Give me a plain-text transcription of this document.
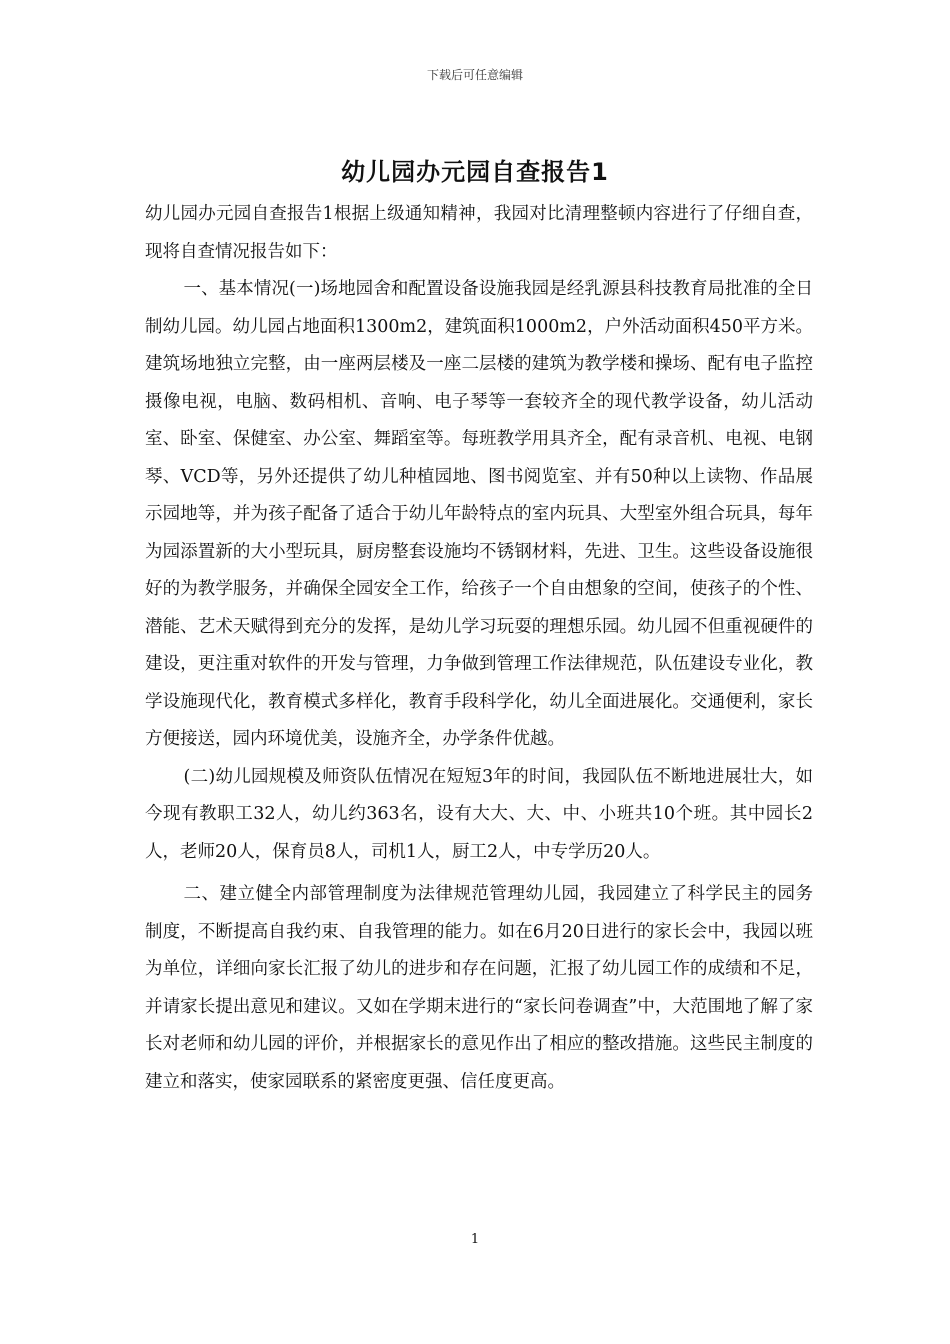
下载后可任意编辑
幼儿园办元园自查报告1

幼儿园办元园自查报告1根据上级通知精神，我园对比清理整顿内容进行了仔细自查，现将自查情况报告如下：

一、基本情况(一)场地园舍和配置设备设施我园是经乳源县科技教育局批准的全日制幼儿园。幼儿园占地面积1300m2，建筑面积1000m2，户外活动面积450平方米。建筑场地独立完整，由一座两层楼及一座二层楼的建筑为教学楼和操场、配有电子监控摄像电视，电脑、数码相机、音响、电子琴等一套较齐全的现代教学设备，幼儿活动室、卧室、保健室、办公室、舞蹈室等。每班教学用具齐全，配有录音机、电视、电钢琴、VCD等，另外还提供了幼儿种植园地、图书阅览室、并有50种以上读物、作品展示园地等，并为孩子配备了适合于幼儿年龄特点的室内玩具、大型室外组合玩具，每年为园添置新的大小型玩具，厨房整套设施均不锈钢材料，先进、卫生。这些设备设施很好的为教学服务，并确保全园安全工作，给孩子一个自由想象的空间，使孩子的个性、潜能、艺术天赋得到充分的发挥，是幼儿学习玩耍的理想乐园。幼儿园不但重视硬件的建设，更注重对软件的开发与管理，力争做到管理工作法律规范，队伍建设专业化，教学设施现代化，教育模式多样化，教育手段科学化，幼儿全面进展化。交通便利，家长方便接送，园内环境优美，设施齐全，办学条件优越。

(二)幼儿园规模及师资队伍情况在短短3年的时间，我园队伍不断地进展壮大，如今现有教职工32人，幼儿约363名，设有大大、大、中、小班共10个班。其中园长2人，老师20人，保育员8人，司机1人，厨工2人，中专学历20人。

二、建立健全内部管理制度为法律规范管理幼儿园，我园建立了科学民主的园务制度，不断提高自我约束、自我管理的能力。如在6月20日进行的家长会中，我园以班为单位，详细向家长汇报了幼儿的进步和存在问题，汇报了幼儿园工作的成绩和不足，并请家长提出意见和建议。又如在学期末进行的“家长问卷调查”中，大范围地了解了家长对老师和幼儿园的评价，并根据家长的意见作出了相应的整改措施。这些民主制度的建立和落实，使家园联系的紧密度更强、信任度更高。

1
